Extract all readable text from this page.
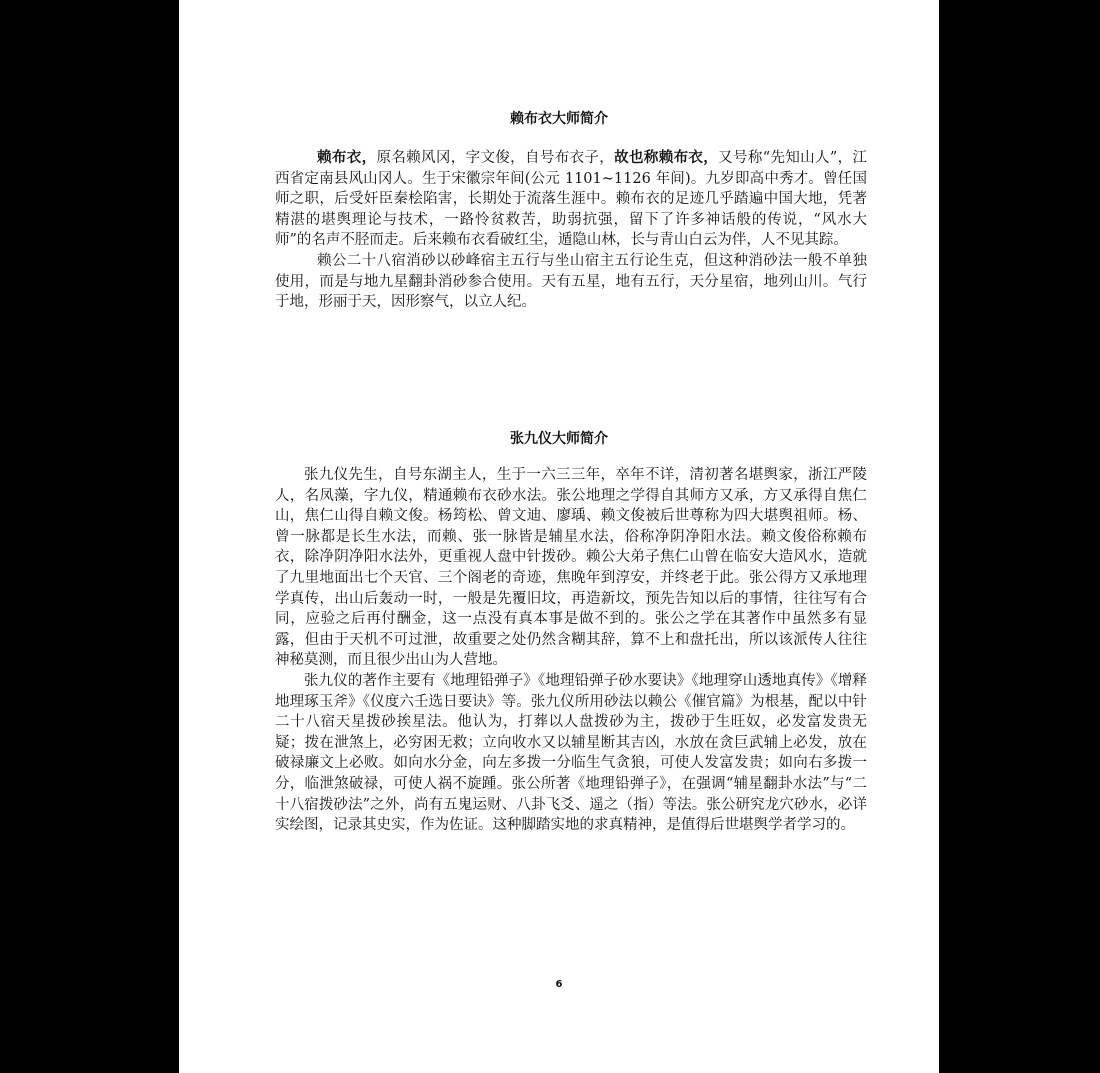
赖布衣大师简介

赖布衣，原名赖风冈，字文俊，自号布衣子，故也称赖布衣，又号称“先知山人”，江西省定南县风山冈人。生于宋徽宗年间(公元 1101~1126 年间)。九岁即高中秀才。曾任国师之职，后受奸臣秦桧陷害，长期处于流落生涯中。赖布衣的足迹几乎踏遍中国大地，凭著精湛的堪舆理论与技术，一路怜贫救苦，助弱抗强，留下了许多神话般的传说，“风水大师”的名声不胫而走。后来赖布衣看破红尘，遁隐山林，长与青山白云为伴，人不见其踪。

赖公二十八宿消砂以砂峰宿主五行与坐山宿主五行论生克，但这种消砂法一般不单独使用，而是与地九星翻卦消砂参合使用。天有五星，地有五行，天分星宿，地列山川。气行于地，形丽于天，因形察气，以立人纪。

张九仪大师简介

张九仪先生，自号东湖主人，生于一六三三年，卒年不详，清初著名堪舆家，浙江严陵人，名凤藻，字九仪，精通赖布衣砂水法。张公地理之学得自其师方又承，方又承得自焦仁山，焦仁山得自赖文俊。杨筠松、曾文迪、廖瑀、赖文俊被后世尊称为四大堪舆祖师。杨、曾一脉都是长生水法，而赖、张一脉皆是辅星水法，俗称净阴净阳水法。赖文俊俗称赖布衣，除净阴净阳水法外，更重视人盘中针拨砂。赖公大弟子焦仁山曾在临安大造风水，造就了九里地面出七个天官、三个阁老的奇迹，焦晚年到淳安，并终老于此。张公得方又承地理学真传，出山后轰动一时，一般是先覆旧坟，再造新坟，预先告知以后的事情，往往写有合同，应验之后再付酬金，这一点没有真本事是做不到的。张公之学在其著作中虽然多有显露，但由于天机不可过泄，故重要之处仍然含糊其辞，算不上和盘托出，所以该派传人往往神秘莫测，而且很少出山为人营地。

张九仪的著作主要有《地理铅弹子》《地理铅弹子砂水要诀》《地理穿山透地真传》《增释地理琢玉斧》《仪度六壬选日要诀》等。张九仪所用砂法以赖公《催官篇》为根基，配以中针二十八宿天星拨砂挨星法。他认为，打葬以人盘拨砂为主，拨砂于生旺奴，必发富发贵无疑；拨在泄煞上，必穷困无救；立向收水又以辅星断其吉凶，水放在贪巨武辅上必发，放在破禄廉文上必败。如向水分金，向左多拨一分临生气贪狼，可使人发富发贵；如向右多拨一分，临泄煞破禄，可使人祸不旋踵。张公所著《地理铅弹子》，在强调“辅星翻卦水法”与“二十八宿拨砂法”之外，尚有五鬼运财、八卦飞爻、遥之（指）等法。张公研究龙穴砂水，必详实绘图，记录其史实，作为佐证。这种脚踏实地的求真精神，是值得后世堪舆学者学习的。

6
